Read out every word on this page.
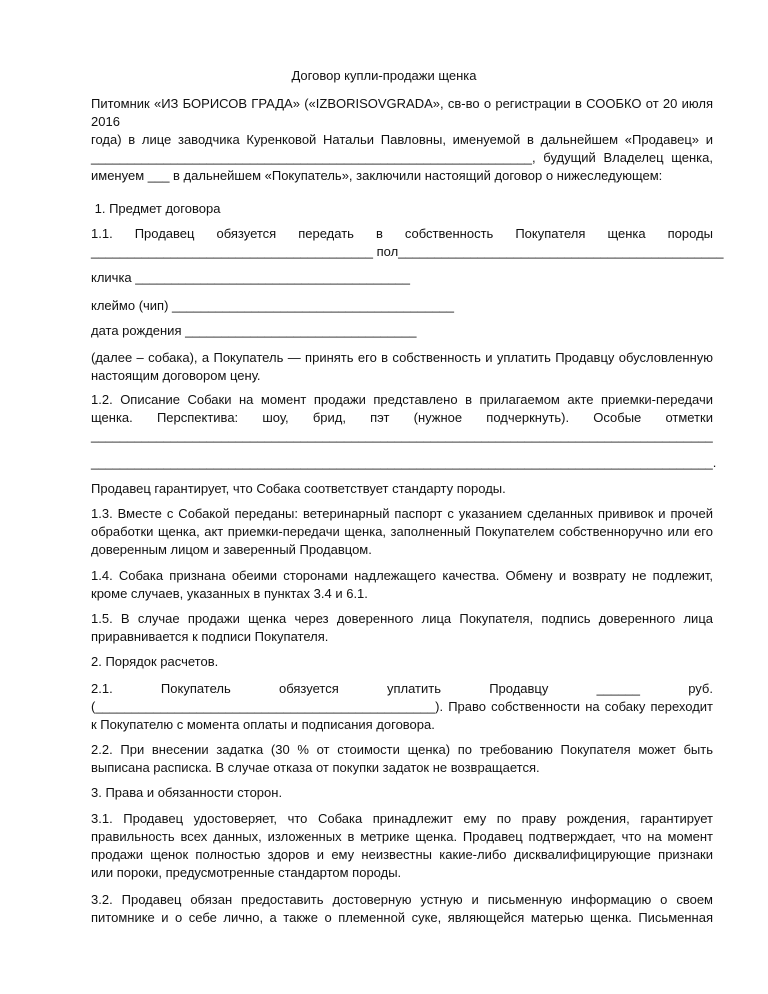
Договор купли-продажи щенка
Питомник «ИЗ БОРИСОВ ГРАДА» («IZBORISOVGRADA», св-во о регистрации в СООБКО от 20 июля 2016
года) в лице заводчика Куренковой Натальи Павловны, именуемой в дальнейшем «Продавец» и
_____________________________________________________________, будущий Владелец щенка,
именуем ___ в дальнейшем «Покупатель», заключили настоящий договор о нижеследующем:
1. Предмет договора
1.1. Продавец обязуется передать в собственность Покупателя щенка породы
_______________________________________ пол_____________________________________________
кличка ______________________________________
клеймо (чип) _______________________________________
дата рождения ________________________________
(далее – собака), а Покупатель — принять его в собственность и уплатить Продавцу обусловленную
настоящим договором цену.
1.2. Описание Собаки на момент продажи представлено в прилагаемом акте приемки-передачи
щенка. Перспектива: шоу, брид, пэт (нужное подчеркнуть). Особые отметки
______________________________________________________________________________________
______________________________________________________________________________________.
Продавец гарантирует, что Собака соответствует стандарту породы.
1.3. Вместе с Собакой переданы: ветеринарный паспорт с указанием сделанных прививок и прочей
обработки щенка, акт приемки-передачи щенка, заполненный Покупателем собственноручно или его
доверенным лицом и заверенный Продавцом.
1.4. Собака признана обеими сторонами надлежащего качества. Обмену и возврату не подлежит,
кроме случаев, указанных в пунктах 3.4 и 6.1.
1.5. В случае продажи щенка через доверенного лица Покупателя, подпись доверенного лица
приравнивается к подписи Покупателя.
2. Порядок расчетов.
2.1. Покупатель обязуется уплатить Продавцу ______ руб.
(_______________________________________________). Право собственности на собаку переходит
к Покупателю с момента оплаты и подписания договора.
2.2. При внесении задатка (30 % от стоимости щенка) по требованию Покупателя может быть
выписана расписка. В случае отказа от покупки задаток не возвращается.
3. Права и обязанности сторон.
3.1. Продавец удостоверяет, что Собака принадлежит ему по праву рождения, гарантирует
правильность всех данных, изложенных в метрике щенка. Продавец подтверждает, что на момент
продажи щенок полностью здоров и ему неизвестны какие-либо дисквалифицирующие признаки
или пороки, предусмотренные стандартом породы.
3.2. Продавец обязан предоставить достоверную устную и письменную информацию о своем
питомнике и о себе лично, а также о племенной суке, являющейся матерью щенка. Письменная
